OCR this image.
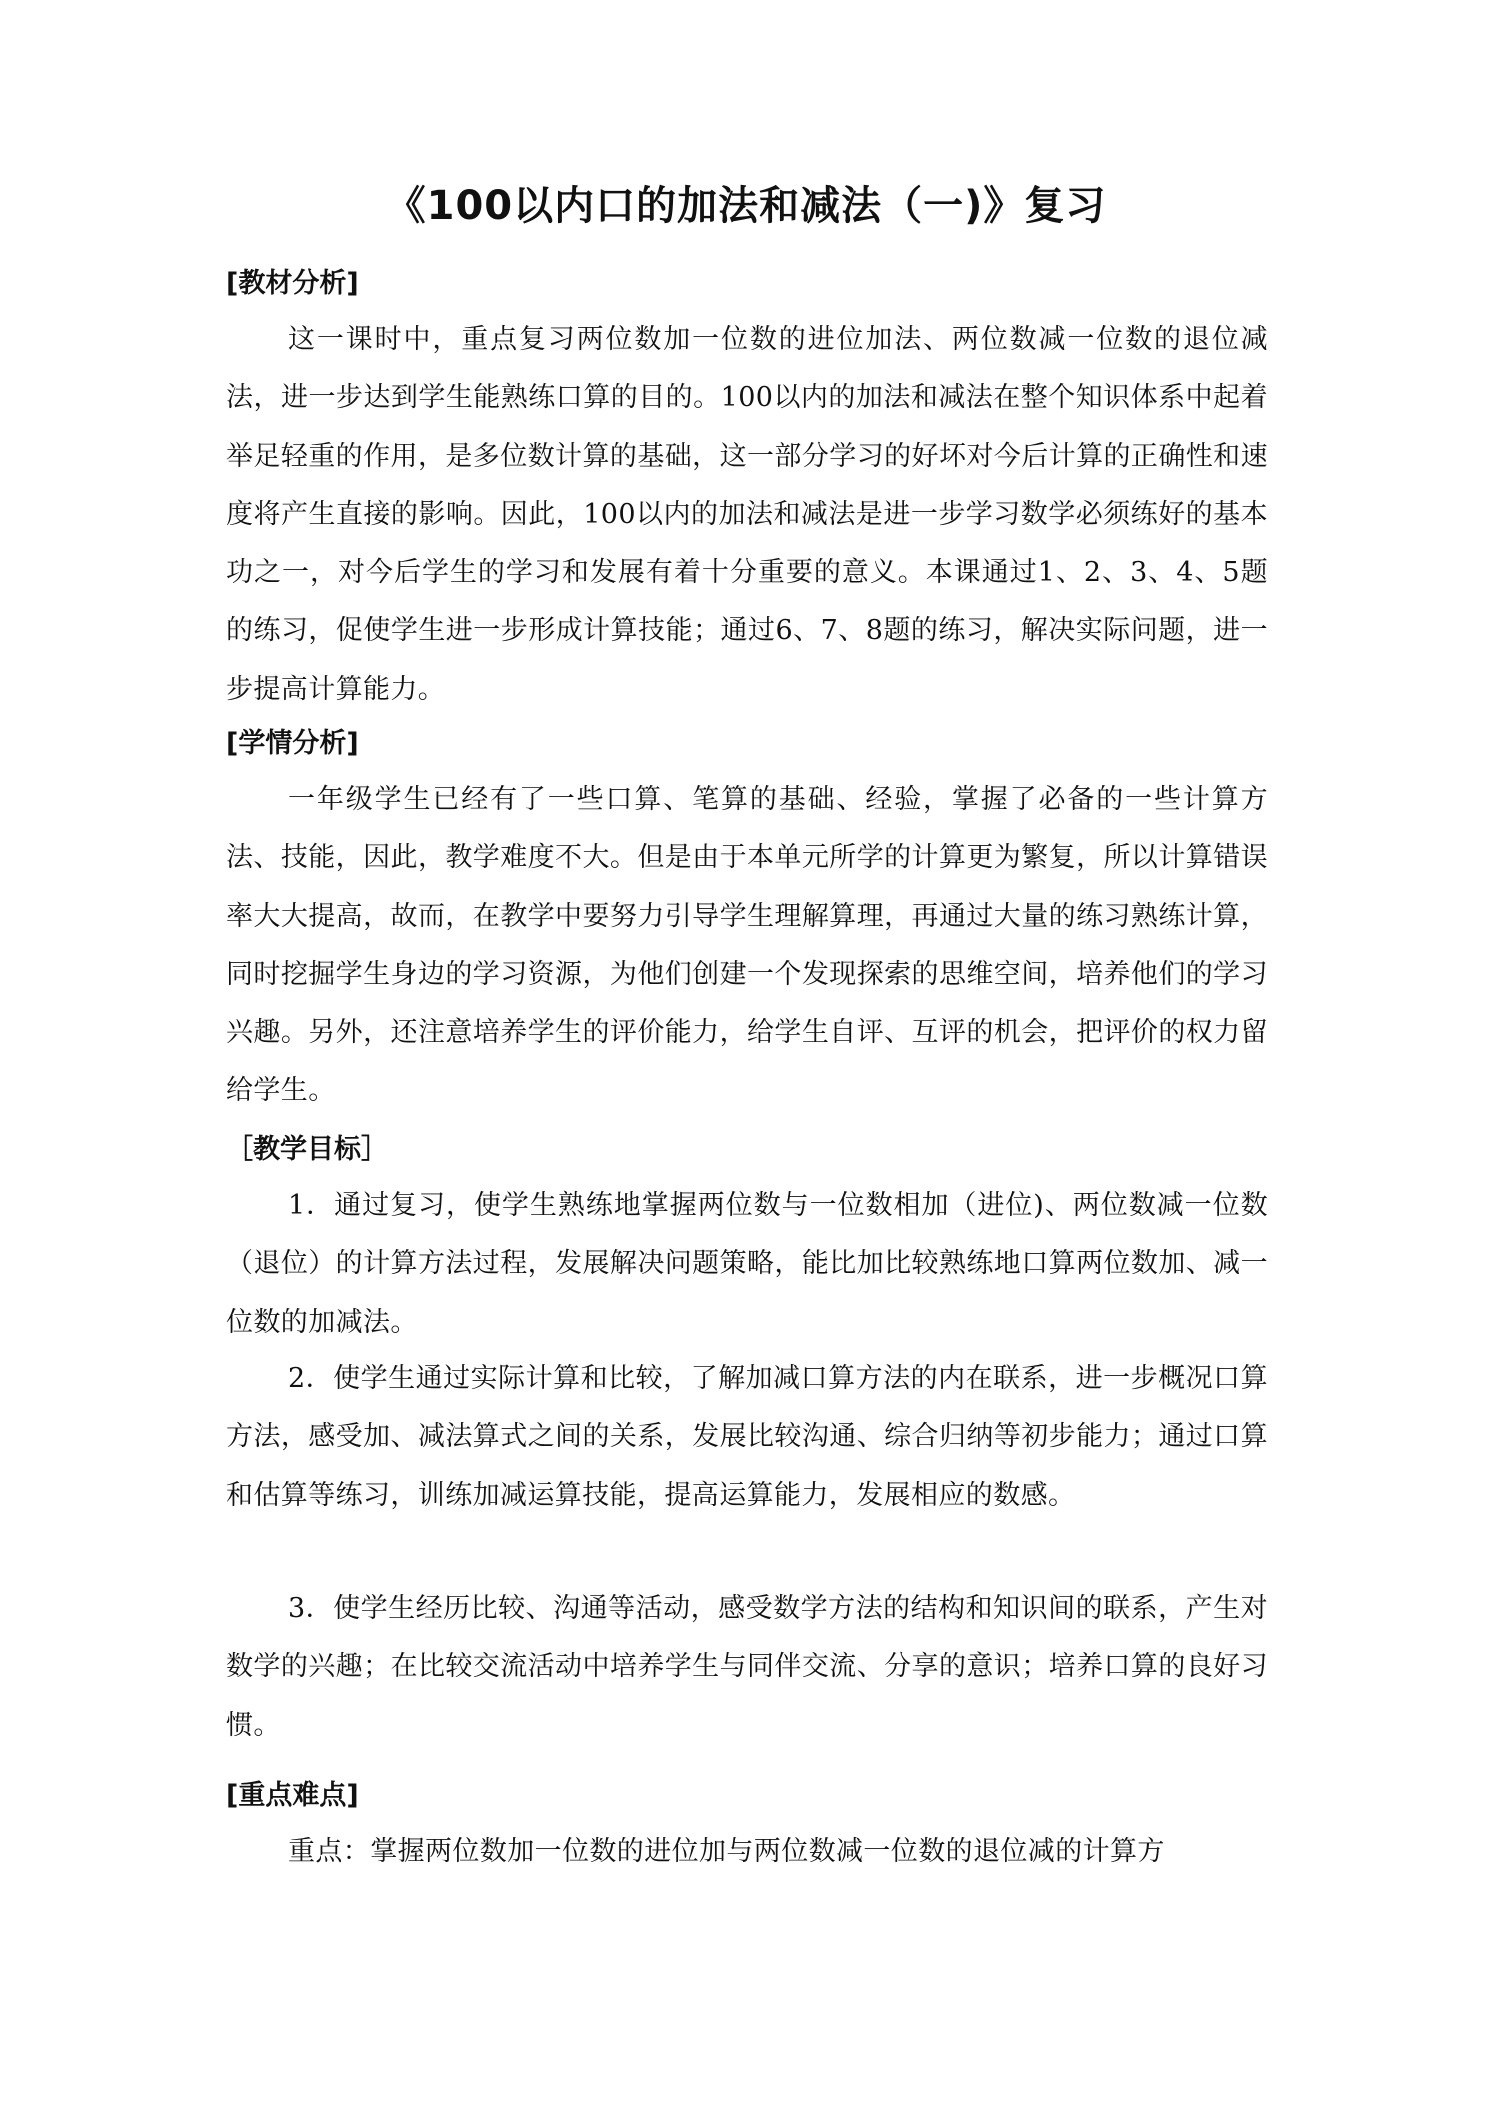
《100以内口的加法和减法（一)》复习
[教材分析]
这一课时中，重点复习两位数加一位数的进位加法、两位数减一位数的退位减法，进一步达到学生能熟练口算的目的。100以内的加法和减法在整个知识体系中起着举足轻重的作用，是多位数计算的基础，这一部分学习的好坏对今后计算的正确性和速度将产生直接的影响。因此，100以内的加法和减法是进一步学习数学必须练好的基本功之一，对今后学生的学习和发展有着十分重要的意义。本课通过1、2、3、4、5题的练习，促使学生进一步形成计算技能；通过6、7、8题的练习，解决实际问题，进一步提高计算能力。
[学情分析]
一年级学生已经有了一些口算、笔算的基础、经验，掌握了必备的一些计算方法、技能，因此，教学难度不大。但是由于本单元所学的计算更为繁复，所以计算错误率大大提高，故而，在教学中要努力引导学生理解算理，再通过大量的练习熟练计算，同时挖掘学生身边的学习资源，为他们创建一个发现探索的思维空间，培养他们的学习兴趣。另外，还注意培养学生的评价能力，给学生自评、互评的机会，把评价的权力留给学生。
［教学目标］
1．通过复习，使学生熟练地掌握两位数与一位数相加（进位)、两位数减一位数（退位）的计算方法过程，发展解决问题策略，能比加比较熟练地口算两位数加、减一位数的加减法。
2．使学生通过实际计算和比较，了解加减口算方法的内在联系，进一步概况口算方法，感受加、减法算式之间的关系，发展比较沟通、综合归纳等初步能力；通过口算和估算等练习，训练加减运算技能，提高运算能力，发展相应的数感。
3．使学生经历比较、沟通等活动，感受数学方法的结构和知识间的联系，产生对数学的兴趣；在比较交流活动中培养学生与同伴交流、分享的意识；培养口算的良好习惯。
[重点难点]
重点：掌握两位数加一位数的进位加与两位数减一位数的退位减的计算方
